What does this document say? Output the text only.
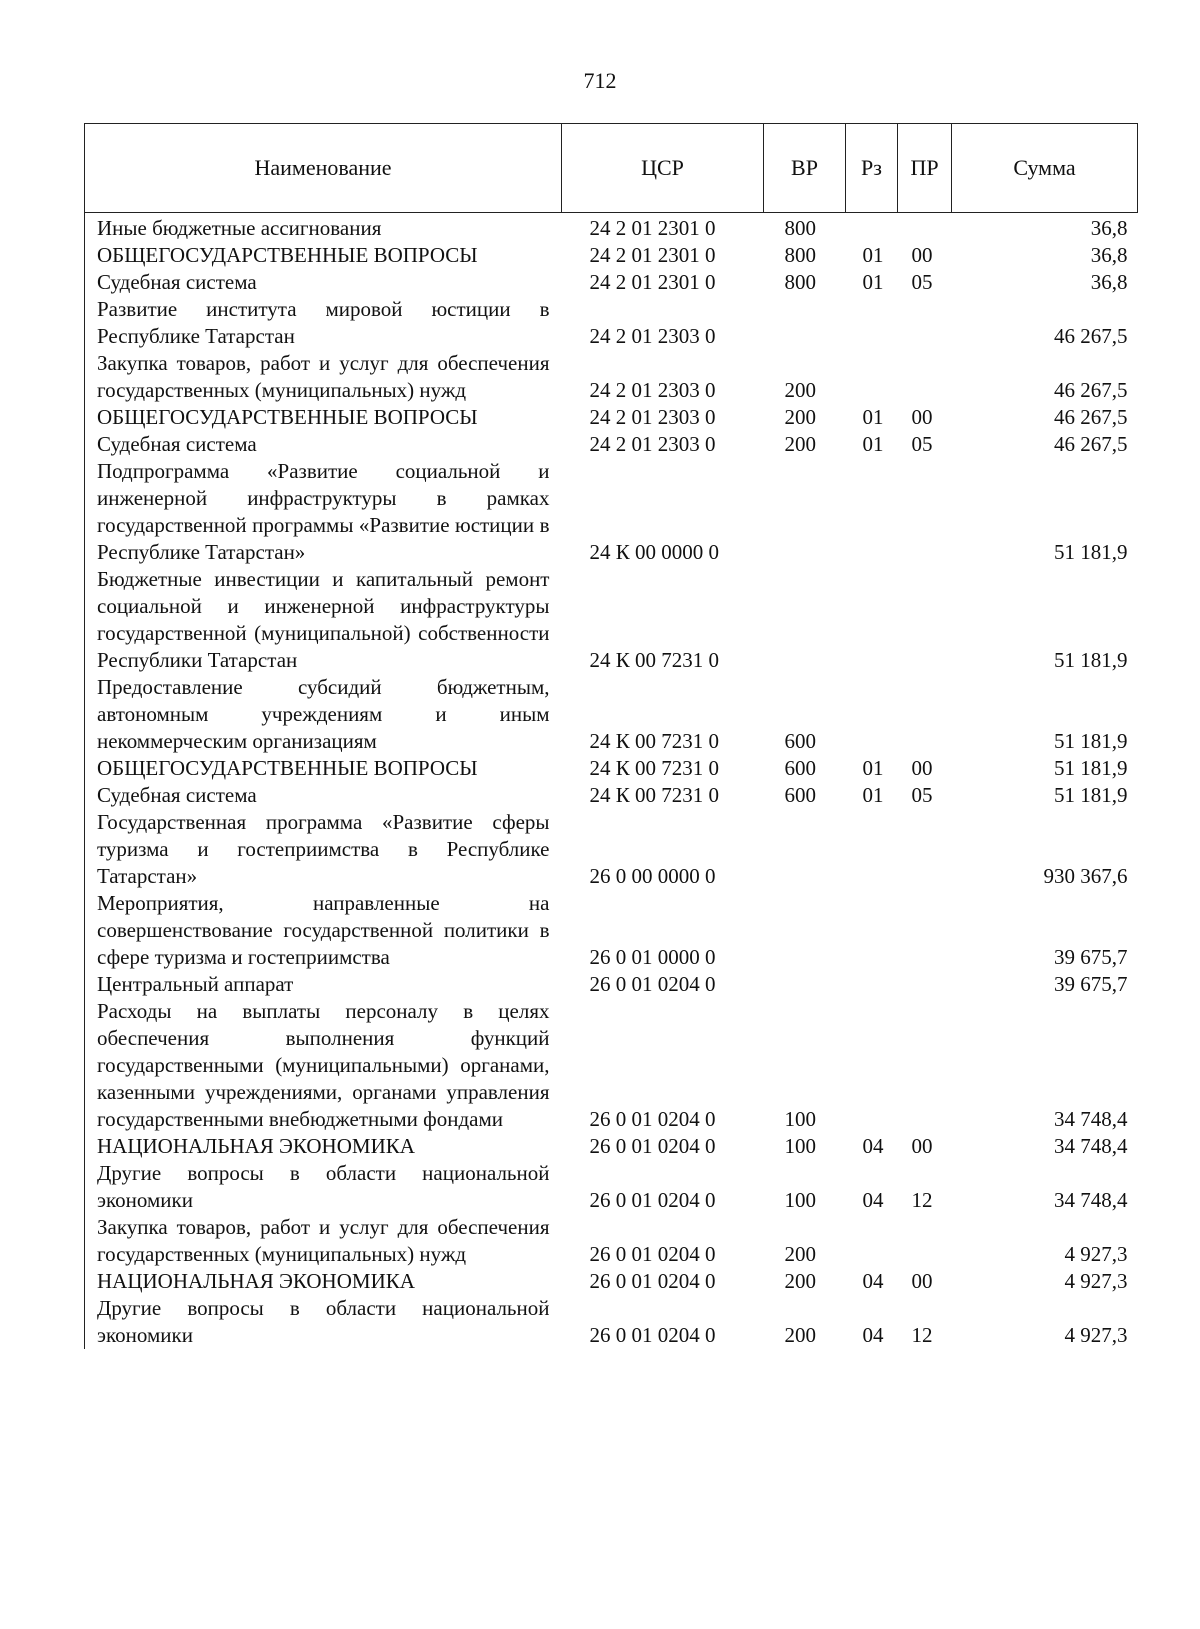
712
Наименование	ЦСР	ВР	Рз	ПР	Сумма
Иные бюджетные ассигнования	24 2 01 2301 0	800			36,8
ОБЩЕГОСУДАРСТВЕННЫЕ ВОПРОСЫ	24 2 01 2301 0	800	01	00	36,8
Судебная система	24 2 01 2301 0	800	01	05	36,8
Развитие института мировой юстиции в Республике Татарстан	24 2 01 2303 0				46 267,5
Закупка товаров, работ и услуг для обеспечения государственных (муниципальных) нужд	24 2 01 2303 0	200			46 267,5
ОБЩЕГОСУДАРСТВЕННЫЕ ВОПРОСЫ	24 2 01 2303 0	200	01	00	46 267,5
Судебная система	24 2 01 2303 0	200	01	05	46 267,5
Подпрограмма «Развитие социальной и инженерной инфраструктуры в рамках государственной программы «Развитие юстиции в Республике Татарстан»	24 К 00 0000 0				51 181,9
Бюджетные инвестиции и капитальный ремонт социальной и инженерной инфраструктуры государственной (муниципальной) собственности Республики Татарстан	24 К 00 7231 0				51 181,9
Предоставление субсидий бюджетным, автономным учреждениям и иным некоммерческим организациям	24 К 00 7231 0	600			51 181,9
ОБЩЕГОСУДАРСТВЕННЫЕ ВОПРОСЫ	24 К 00 7231 0	600	01	00	51 181,9
Судебная система	24 К 00 7231 0	600	01	05	51 181,9
Государственная программа «Развитие сферы туризма и гостеприимства в Республике Татарстан»	26 0 00 0000 0				930 367,6
Мероприятия, направленные на совершенствование государственной политики в сфере туризма и гостеприимства	26 0 01 0000 0				39 675,7
Центральный аппарат	26 0 01 0204 0				39 675,7
Расходы на выплаты персоналу в целях обеспечения выполнения функций государственными (муниципальными) органами, казенными учреждениями, органами управления государственными внебюджетными фондами	26 0 01 0204 0	100			34 748,4
НАЦИОНАЛЬНАЯ ЭКОНОМИКА	26 0 01 0204 0	100	04	00	34 748,4
Другие вопросы в области национальной экономики	26 0 01 0204 0	100	04	12	34 748,4
Закупка товаров, работ и услуг для обеспечения государственных (муниципальных) нужд	26 0 01 0204 0	200			4 927,3
НАЦИОНАЛЬНАЯ ЭКОНОМИКА	26 0 01 0204 0	200	04	00	4 927,3
Другие вопросы в области национальной экономики	26 0 01 0204 0	200	04	12	4 927,3
